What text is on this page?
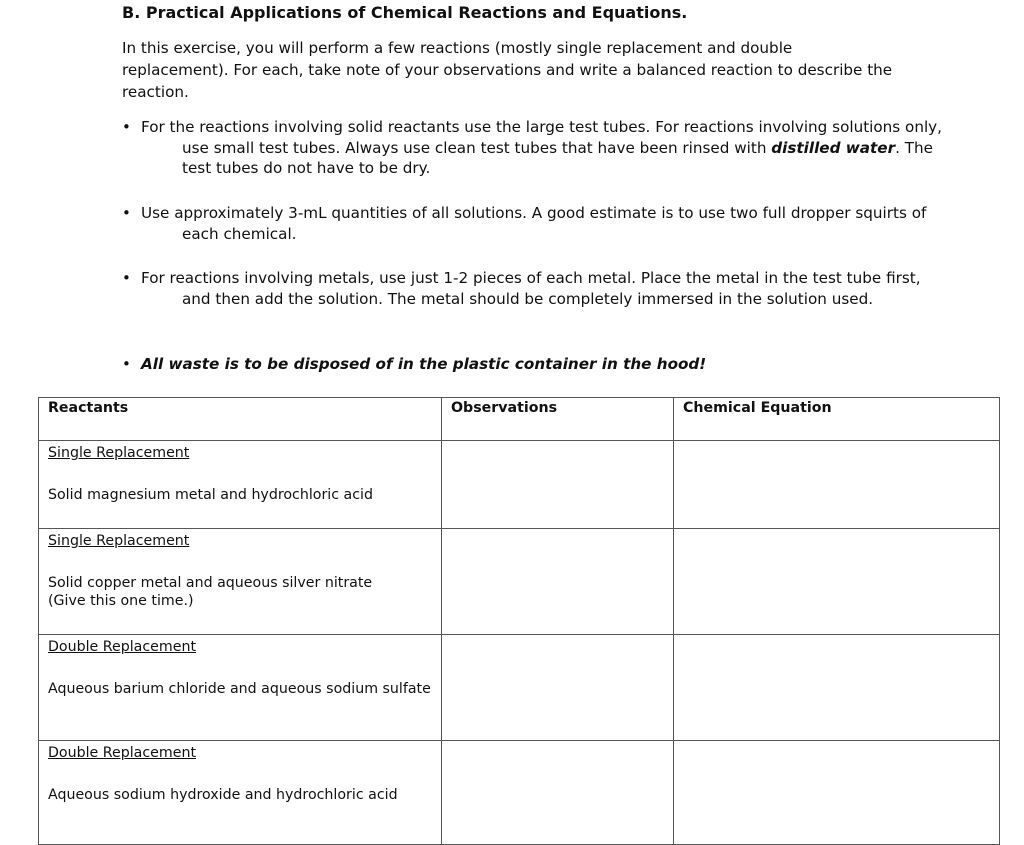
B. Practical Applications of Chemical Reactions and Equations.

In this exercise, you will perform a few reactions (mostly single replacement and double replacement). For each, take note of your observations and write a balanced reaction to describe the reaction.

• For the reactions involving solid reactants use the large test tubes. For reactions involving solutions only, use small test tubes. Always use clean test tubes that have been rinsed with distilled water. The test tubes do not have to be dry.
• Use approximately 3-mL quantities of all solutions. A good estimate is to use two full dropper squirts of each chemical.
• For reactions involving metals, use just 1-2 pieces of each metal. Place the metal in the test tube first, and then add the solution. The metal should be completely immersed in the solution used.
• All waste is to be disposed of in the plastic container in the hood!
Reactants	Observations	Chemical Equation

Single Replacement
Solid magnesium metal and hydrochloric acid		

Single Replacement
Solid copper metal and aqueous silver nitrate
(Give this one time.)		

Double Replacement
Aqueous barium chloride and aqueous sodium sulfate		

Double Replacement
Aqueous sodium hydroxide and hydrochloric acid		
